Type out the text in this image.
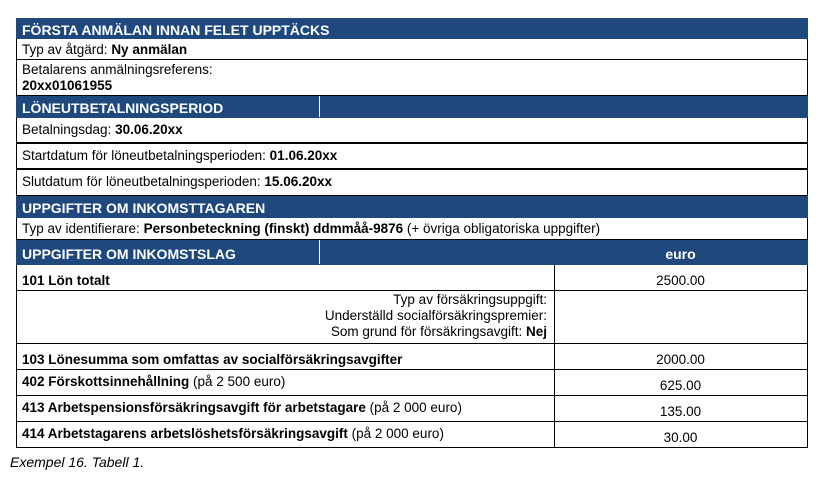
FÖRSTA ANMÄLAN INNAN FELET UPPTÄCKS
Typ av åtgärd: Ny anmälan
Betalarens anmälningsreferens:
20xx01061955
LÖNEUTBETALNINGSPERIOD
Betalningsdag: 30.06.20xx
Startdatum för löneutbetalningsperioden: 01.06.20xx
Slutdatum för löneutbetalningsperioden: 15.06.20xx
UPPGIFTER OM INKOMSTTAGAREN
Typ av identifierare: Personbeteckning (finskt) ddmmåå-9876 (+ övriga obligatoriska uppgifter)
UPPGIFTER OM INKOMSTSLAG	euro
101 Lön totalt	2500.00
Typ av försäkringsuppgift:
Underställd socialförsäkringspremier:
Som grund för försäkringsavgift: Nej
103 Lönesumma som omfattas av socialförsäkringsavgifter	2000.00
402 Förskottsinnehållning (på 2 500 euro)	625.00
413 Arbetspensionsförsäkringsavgift för arbetstagare (på 2 000 euro)	135.00
414 Arbetstagarens arbetslöshetsförsäkringsavgift (på 2 000 euro)	30.00
Exempel 16. Tabell 1.
